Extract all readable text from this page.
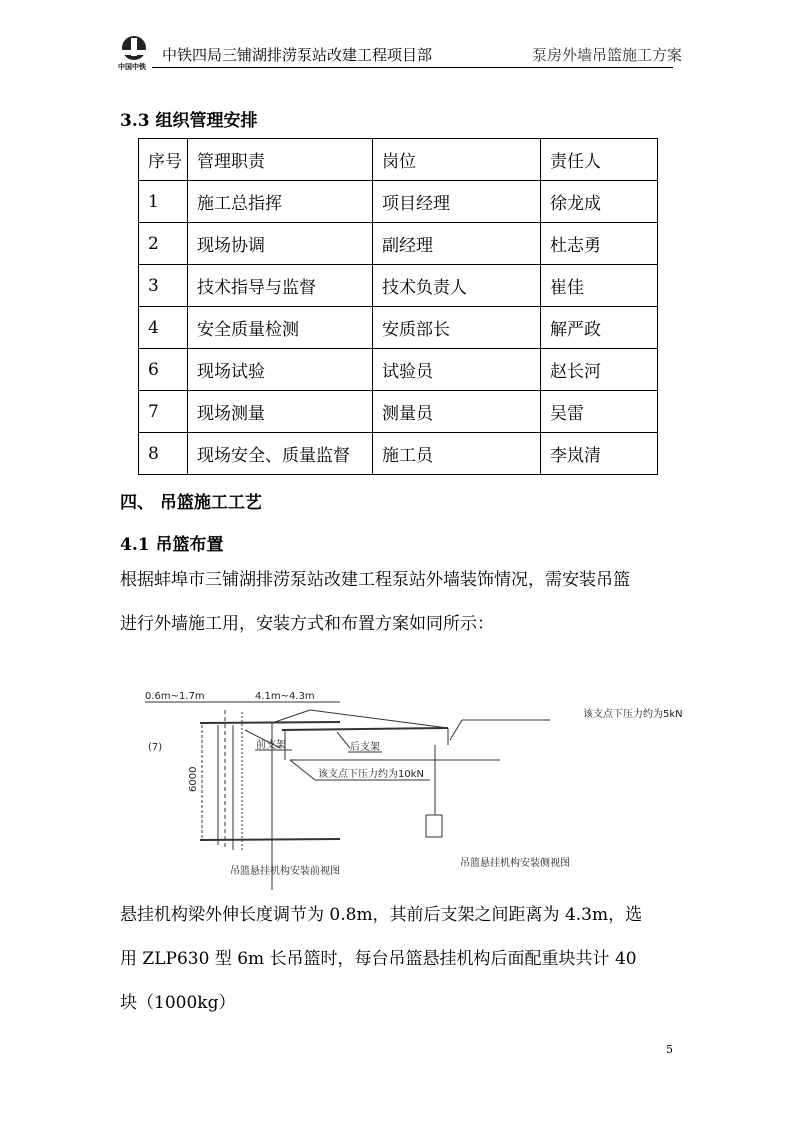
中国中铁
中铁四局三铺湖排涝泵站改建工程项目部	泵房外墙吊篮施工方案
3.3 组织管理安排
序号	管理职责	岗位	责任人
1	施工总指挥	项目经理	徐龙成
2	现场协调	副经理	杜志勇
3	技术指导与监督	技术负责人	崔佳
4	安全质量检测	安质部长	解严政
6	现场试验	试验员	赵长河
7	现场测量	测量员	吴雷
8	现场安全、质量监督	施工员	李岚清
四、 吊篮施工工艺
4.1 吊篮布置
根据蚌埠市三铺湖排涝泵站改建工程泵站外墙装饰情况，需安装吊篮
进行外墙施工用，安装方式和布置方案如同所示：
0.6m~1.7m	4.1m~4.3m
(7)
6000
前支架	后支架
吊篮悬挂机构安装前视图
该支点下压力约为5kN
该支点下压力约为10kN
吊篮悬挂机构安装侧视图
悬挂机构梁外伸长度调节为 0.8m，其前后支架之间距离为 4.3m，选
用 ZLP630 型 6m 长吊篮时，每台吊篮悬挂机构后面配重块共计 40
块（1000kg）
5
